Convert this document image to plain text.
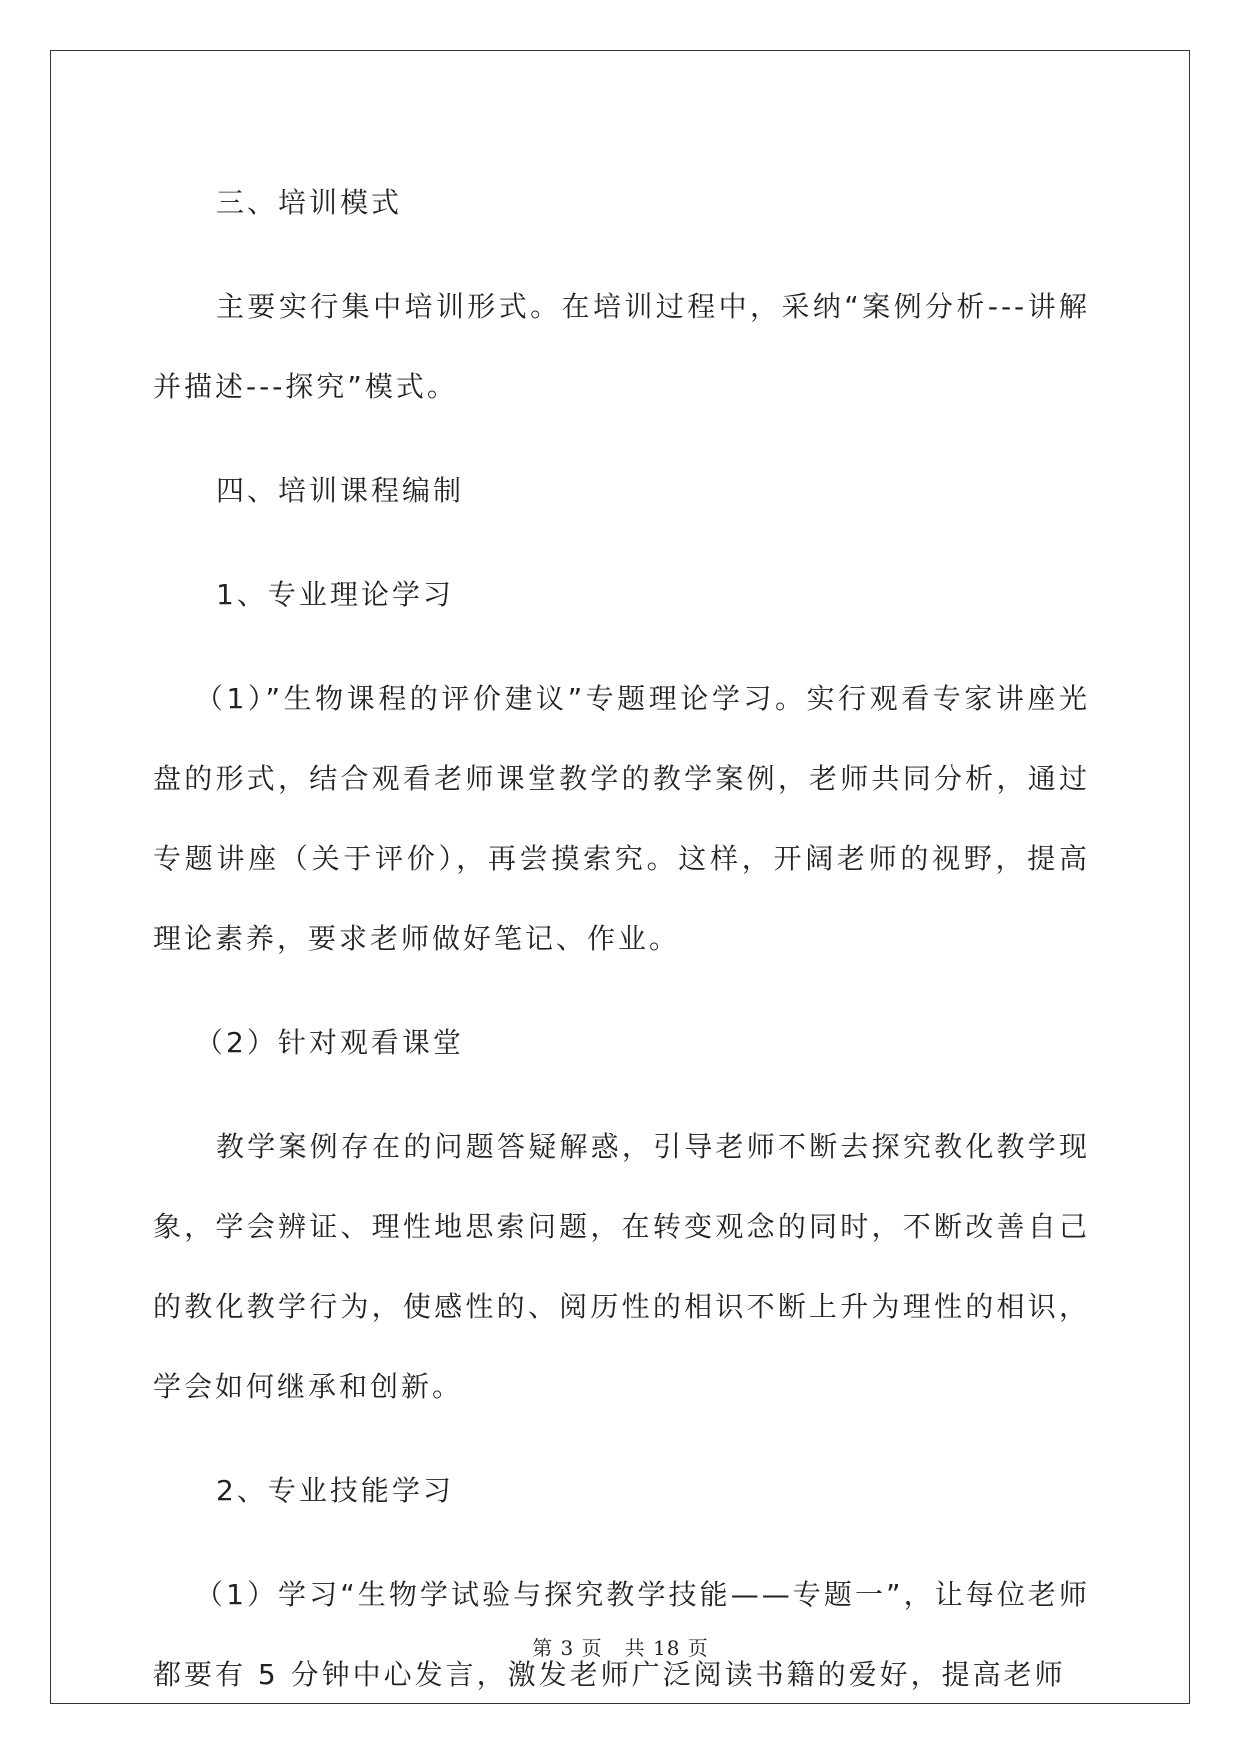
三、培训模式

主要实行集中培训形式。在培训过程中，采纳“案例分析---讲解并描述---探究”模式。

四、培训课程编制

1、专业理论学习

（1）”生物课程的评价建议”专题理论学习。实行观看专家讲座光盘的形式，结合观看老师课堂教学的教学案例，老师共同分析，通过专题讲座（关于评价），再尝摸索究。这样，开阔老师的视野，提高理论素养，要求老师做好笔记、作业。

（2）针对观看课堂

教学案例存在的问题答疑解惑，引导老师不断去探究教化教学现象，学会辨证、理性地思索问题，在转变观念的同时，不断改善自己的教化教学行为，使感性的、阅历性的相识不断上升为理性的相识，学会如何继承和创新。

2、专业技能学习

（1）学习“生物学试验与探究教学技能——专题一”，让每位老师都要有 5 分钟中心发言，激发老师广泛阅读书籍的爱好，提高老师

第 3 页 共 18 页
